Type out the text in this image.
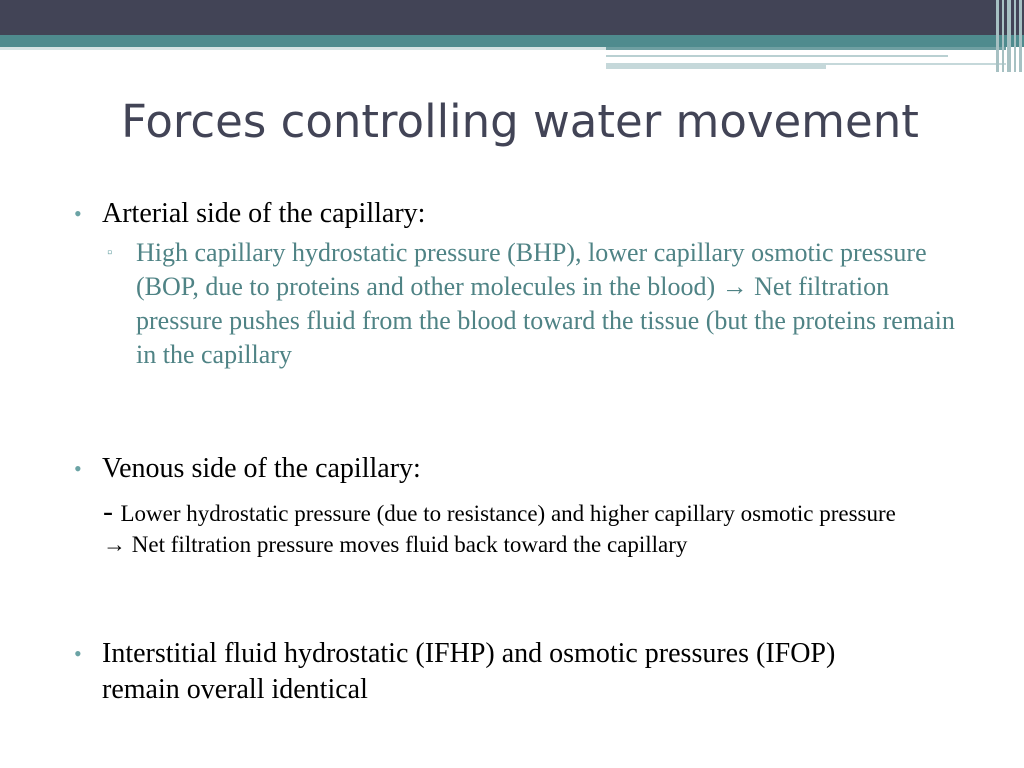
Forces controlling water movement
• Arterial side of the capillary:
▫ High capillary hydrostatic pressure (BHP), lower capillary osmotic pressure (BOP, due to proteins and other molecules in the blood) → Net filtration pressure pushes fluid from the blood toward the tissue (but the proteins remain in the capillary
• Venous side of the capillary:
- Lower hydrostatic pressure (due to resistance) and higher capillary osmotic pressure → Net filtration pressure moves fluid back toward the capillary
• Interstitial fluid hydrostatic (IFHP) and osmotic pressures (IFOP) remain overall identical
